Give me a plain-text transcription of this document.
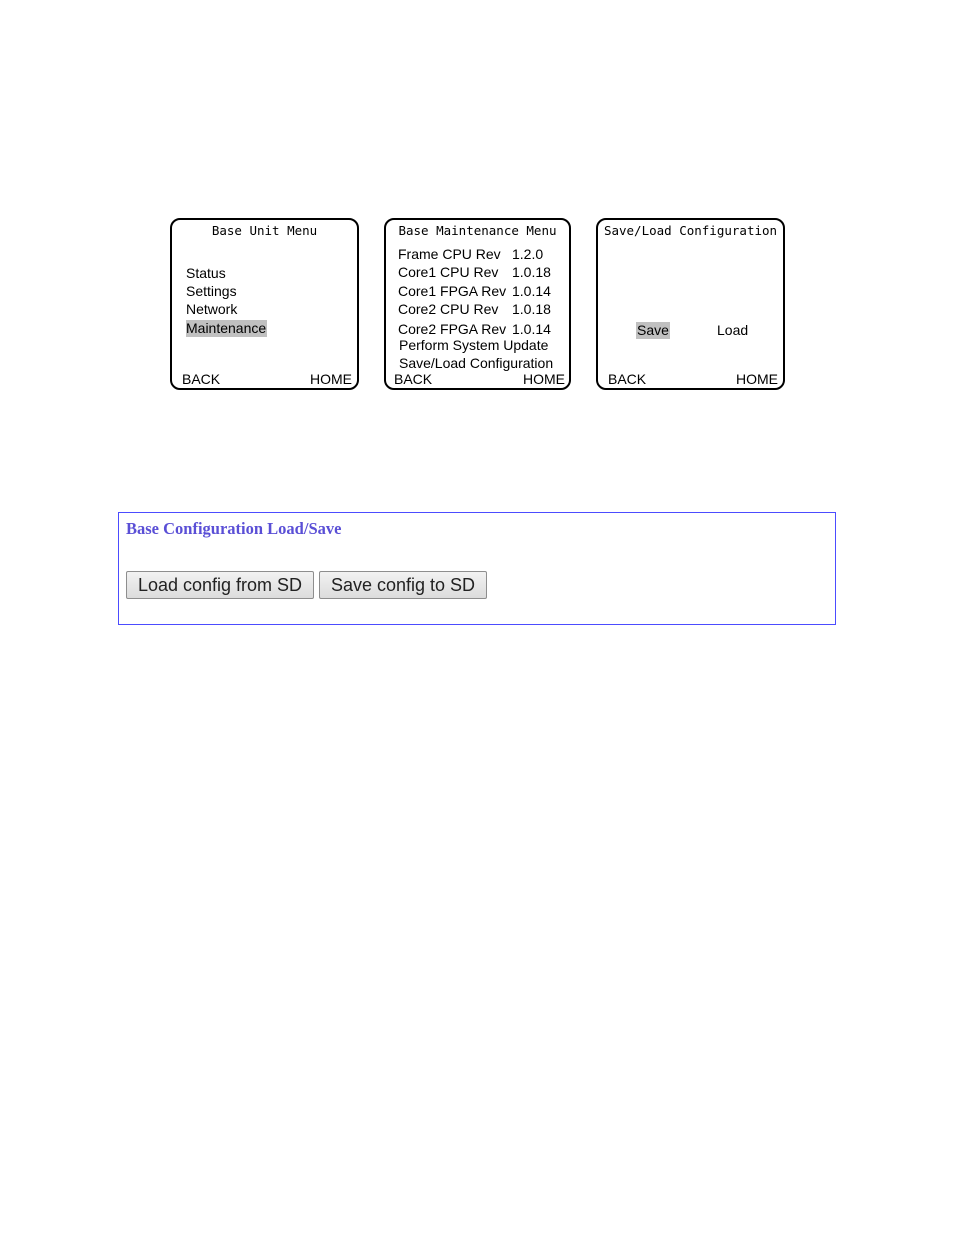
Base Unit Menu
Status
Settings
Network
Maintenance
BACK	HOME
Base Maintenance Menu
Frame CPU Rev 1.2.0
Core1 CPU Rev 1.0.18
Core1 FPGA Rev 1.0.14
Core2 CPU Rev 1.0.18
Core2 FPGA Rev 1.0.14
Perform System Update
Save/Load Configuration
BACK	HOME
Save/Load Configuration
Save	Load
BACK	HOME
Base Configuration Load/Save
Load config from SD	Save config to SD
